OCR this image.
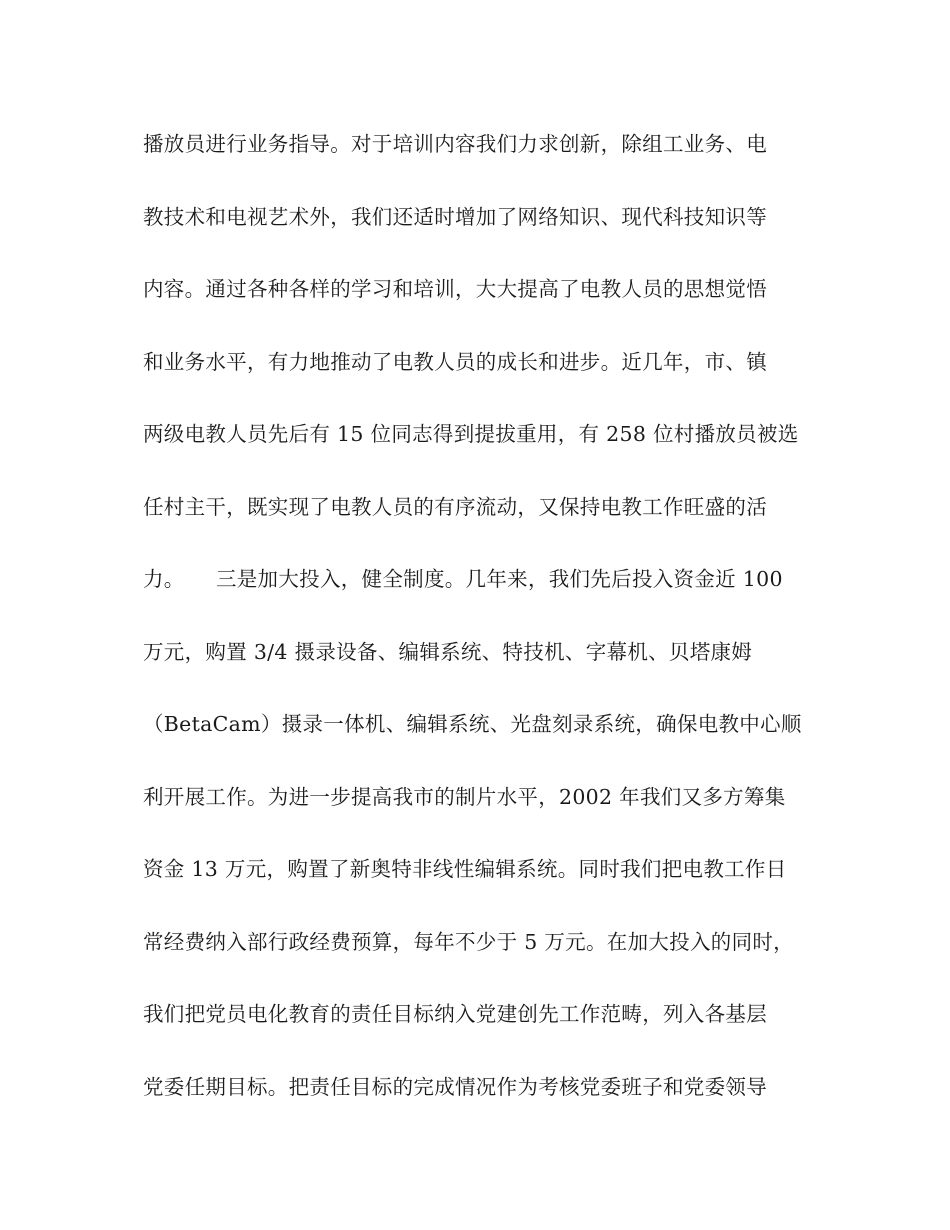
播放员进行业务指导。对于培训内容我们力求创新，除组工业务、电
教技术和电视艺术外，我们还适时增加了网络知识、现代科技知识等
内容。通过各种各样的学习和培训，大大提高了电教人员的思想觉悟
和业务水平，有力地推动了电教人员的成长和进步。近几年，市、镇
两级电教人员先后有 15 位同志得到提拔重用，有 258 位村播放员被选
任村主干，既实现了电教人员的有序流动，又保持电教工作旺盛的活
力。　　三是加大投入，健全制度。几年来，我们先后投入资金近 100
万元，购置 3/4 摄录设备、编辑系统、特技机、字幕机、贝塔康姆
（BetaCam）摄录一体机、编辑系统、光盘刻录系统，确保电教中心顺
利开展工作。为进一步提高我市的制片水平，2002 年我们又多方筹集
资金 13 万元，购置了新奥特非线性编辑系统。同时我们把电教工作日
常经费纳入部行政经费预算，每年不少于 5 万元。在加大投入的同时，
我们把党员电化教育的责任目标纳入党建创先工作范畴，列入各基层
党委任期目标。把责任目标的完成情况作为考核党委班子和党委领导
